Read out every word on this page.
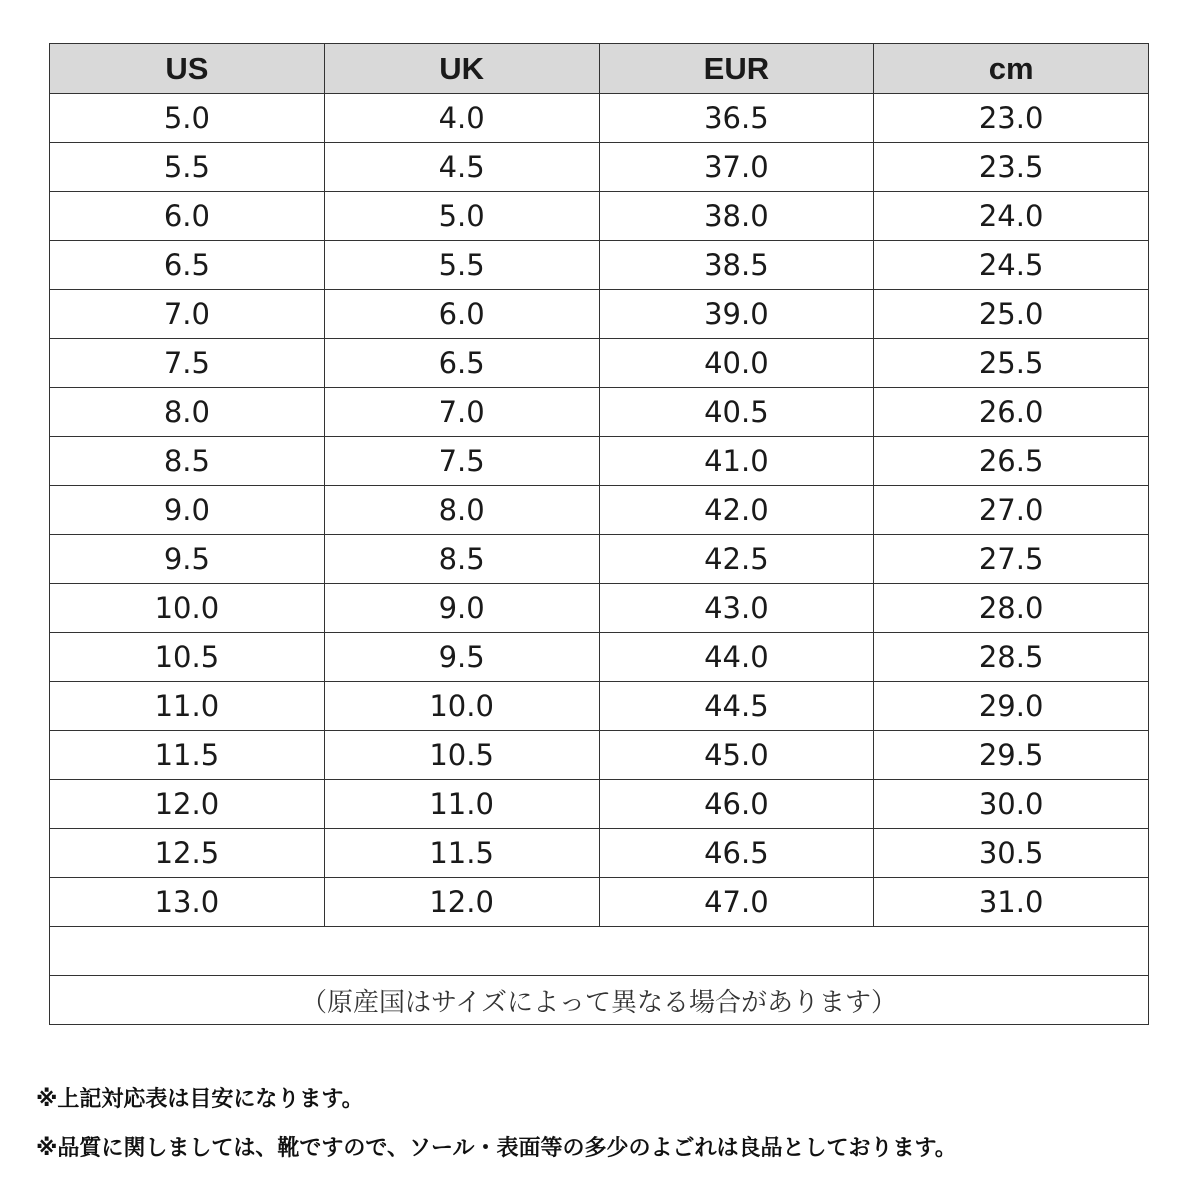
US	UK	EUR	cm
5.0	4.0	36.5	23.0
5.5	4.5	37.0	23.5
6.0	5.0	38.0	24.0
6.5	5.5	38.5	24.5
7.0	6.0	39.0	25.0
7.5	6.5	40.0	25.5
8.0	7.0	40.5	26.0
8.5	7.5	41.0	26.5
9.0	8.0	42.0	27.0
9.5	8.5	42.5	27.5
10.0	9.0	43.0	28.0
10.5	9.5	44.0	28.5
11.0	10.0	44.5	29.0
11.5	10.5	45.0	29.5
12.0	11.0	46.0	30.0
12.5	11.5	46.5	30.5
13.0	12.0	47.0	31.0

（原産国はサイズによって異なる場合があります）			
※上記対応表は目安になります。
※品質に関しましては、靴ですので、ソール・表面等の多少のよごれは良品としております。
